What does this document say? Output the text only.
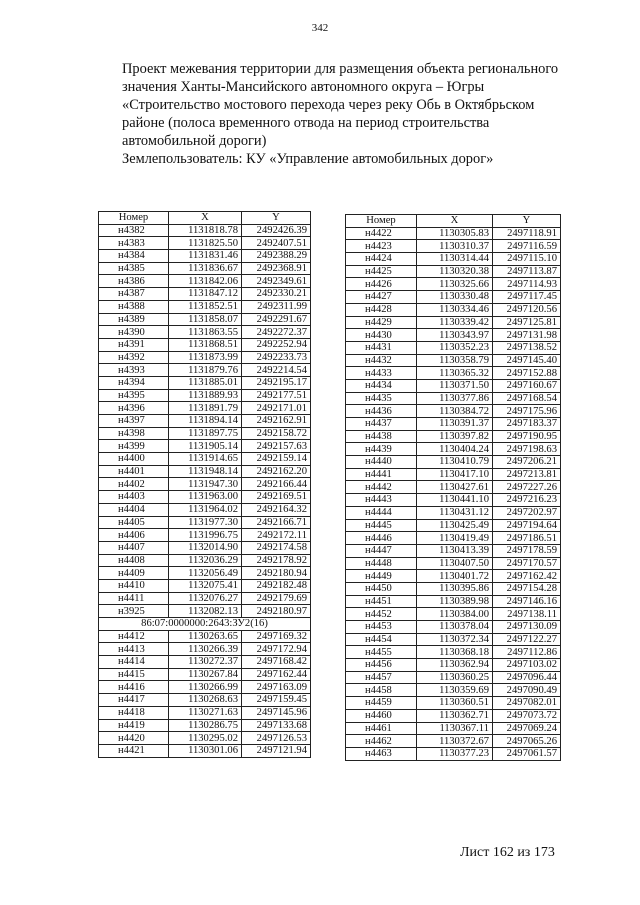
342
Проект межевания территории для размещения объекта регионального
значения Ханты-Мансийского автономного округа – Югры
«Строительство мостового перехода через реку Обь в Октябрьском
районе (полоса временного отвода на период строительства
автомобильной дороги)
Землепользователь: КУ «Управление автомобильных дорог»
Номер	X	Y
н4382	1131818.78	2492426.39
н4383	1131825.50	2492407.51
н4384	1131831.46	2492388.29
н4385	1131836.67	2492368.91
н4386	1131842.06	2492349.61
н4387	1131847.12	2492330.21
н4388	1131852.51	2492311.99
н4389	1131858.07	2492291.67
н4390	1131863.55	2492272.37
н4391	1131868.51	2492252.94
н4392	1131873.99	2492233.73
н4393	1131879.76	2492214.54
н4394	1131885.01	2492195.17
н4395	1131889.93	2492177.51
н4396	1131891.79	2492171.01
н4397	1131894.14	2492162.91
н4398	1131897.75	2492158.72
н4399	1131905.14	2492157.63
н4400	1131914.65	2492159.14
н4401	1131948.14	2492162.20
н4402	1131947.30	2492166.44
н4403	1131963.00	2492169.51
н4404	1131964.02	2492164.32
н4405	1131977.30	2492166.71
н4406	1131996.75	2492172.11
н4407	1132014.90	2492174.58
н4408	1132036.29	2492178.92
н4409	1132056.49	2492180.94
н4410	1132075.41	2492182.48
н4411	1132076.27	2492179.69
н3925	1132082.13	2492180.97
86:07:0000000:2643:ЗУ2(16)		
н4412	1130263.65	2497169.32
н4413	1130266.39	2497172.94
н4414	1130272.37	2497168.42
н4415	1130267.84	2497162.44
н4416	1130266.99	2497163.09
н4417	1130268.63	2497159.45
н4418	1130271.63	2497145.96
н4419	1130286.75	2497133.68
н4420	1130295.02	2497126.53
н4421	1130301.06	2497121.94
Номер	X	Y
н4422	1130305.83	2497118.91
н4423	1130310.37	2497116.59
н4424	1130314.44	2497115.10
н4425	1130320.38	2497113.87
н4426	1130325.66	2497114.93
н4427	1130330.48	2497117.45
н4428	1130334.46	2497120.56
н4429	1130339.42	2497125.81
н4430	1130343.97	2497131.98
н4431	1130352.23	2497138.52
н4432	1130358.79	2497145.40
н4433	1130365.32	2497152.88
н4434	1130371.50	2497160.67
н4435	1130377.86	2497168.54
н4436	1130384.72	2497175.96
н4437	1130391.37	2497183.37
н4438	1130397.82	2497190.95
н4439	1130404.24	2497198.63
н4440	1130410.79	2497206.21
н4441	1130417.10	2497213.81
н4442	1130427.61	2497227.26
н4443	1130441.10	2497216.23
н4444	1130431.12	2497202.97
н4445	1130425.49	2497194.64
н4446	1130419.49	2497186.51
н4447	1130413.39	2497178.59
н4448	1130407.50	2497170.57
н4449	1130401.72	2497162.42
н4450	1130395.86	2497154.28
н4451	1130389.98	2497146.16
н4452	1130384.00	2497138.11
н4453	1130378.04	2497130.09
н4454	1130372.34	2497122.27
н4455	1130368.18	2497112.86
н4456	1130362.94	2497103.02
н4457	1130360.25	2497096.44
н4458	1130359.69	2497090.49
н4459	1130360.51	2497082.01
н4460	1130362.71	2497073.72
н4461	1130367.11	2497069.24
н4462	1130372.67	2497065.26
н4463	1130377.23	2497061.57
Лист 162 из 173
